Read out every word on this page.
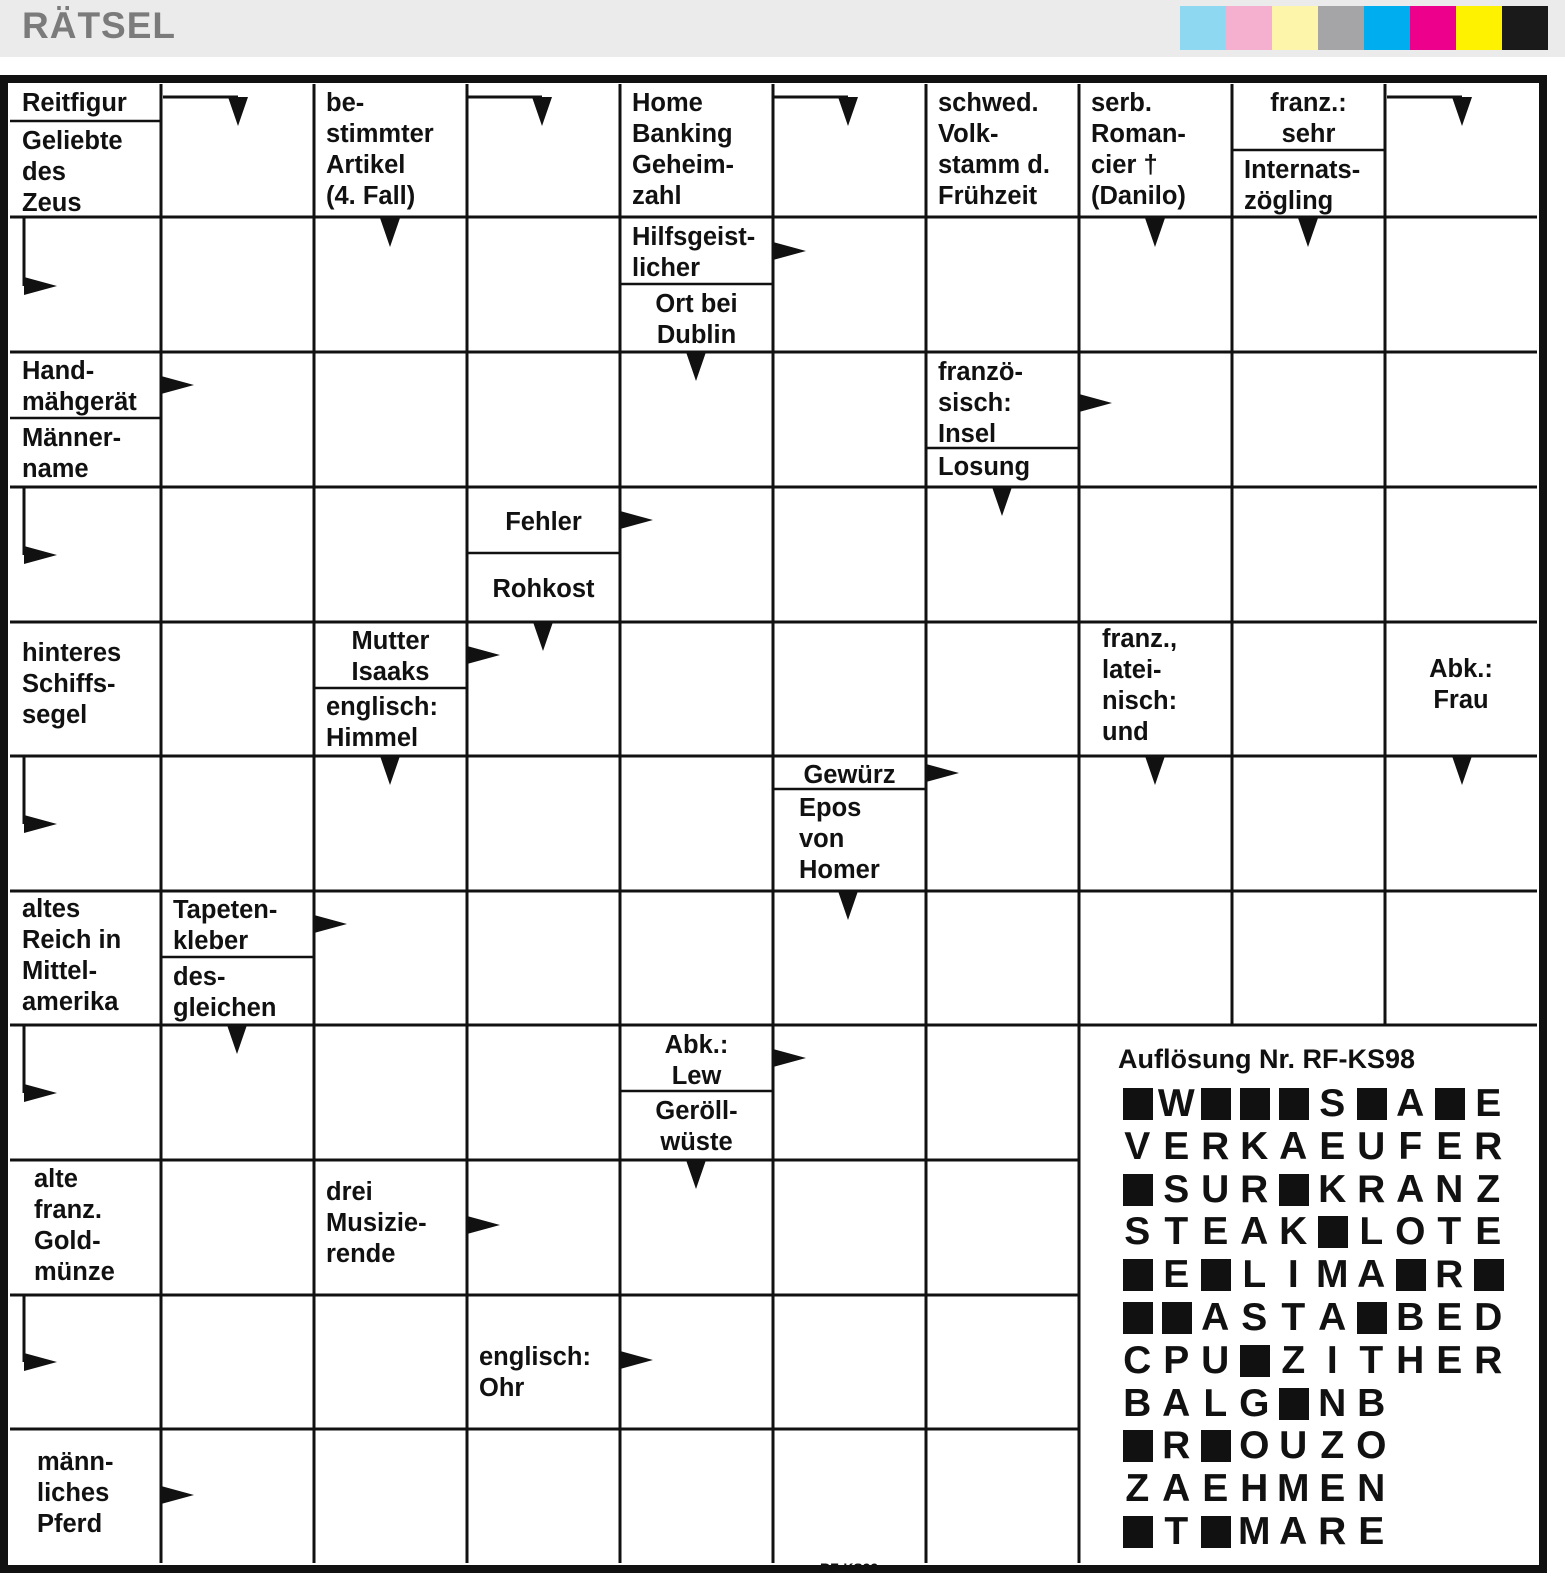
RÄTSEL
Reitfigur
Geliebte
des
Zeus
be-
stimmter
Artikel
(4. Fall)
Home
Banking
Geheim-
zahl
schwed.
Volk-
stamm d.
Frühzeit
serb.
Roman-
cier †
(Danilo)
franz.:
sehr
Internats-
zögling
Hilfsgeist-
licher
Ort bei
Dublin
Hand-
mähgerät
Männer-
name
franzö-
sisch:
Insel
Losung
Fehler
Rohkost
hinteres
Schiffs-
segel
Mutter
Isaaks
englisch:
Himmel
franz.,
latei-
nisch:
und
Abk.:
Frau
Gewürz
Epos
von
Homer
altes
Reich in
Mittel-
amerika
Tapeten-
kleber
des-
gleichen
Abk.:
Lew
Geröll-
wüste
alte
franz.
Gold-
münze
drei
Musizie-
rende
englisch:
Ohr
männ-
liches
Pferd
Auflösung Nr. RF-KS98
W	S A E
V E R K A E U F E R
S U R K R A N Z
S T E A K L O T E
E L I M A R
A S T A B E D
C P U Z I T H E R
B A L G N B
R O U Z O
Z A E H M E N
T M A R E
RF-KS99
